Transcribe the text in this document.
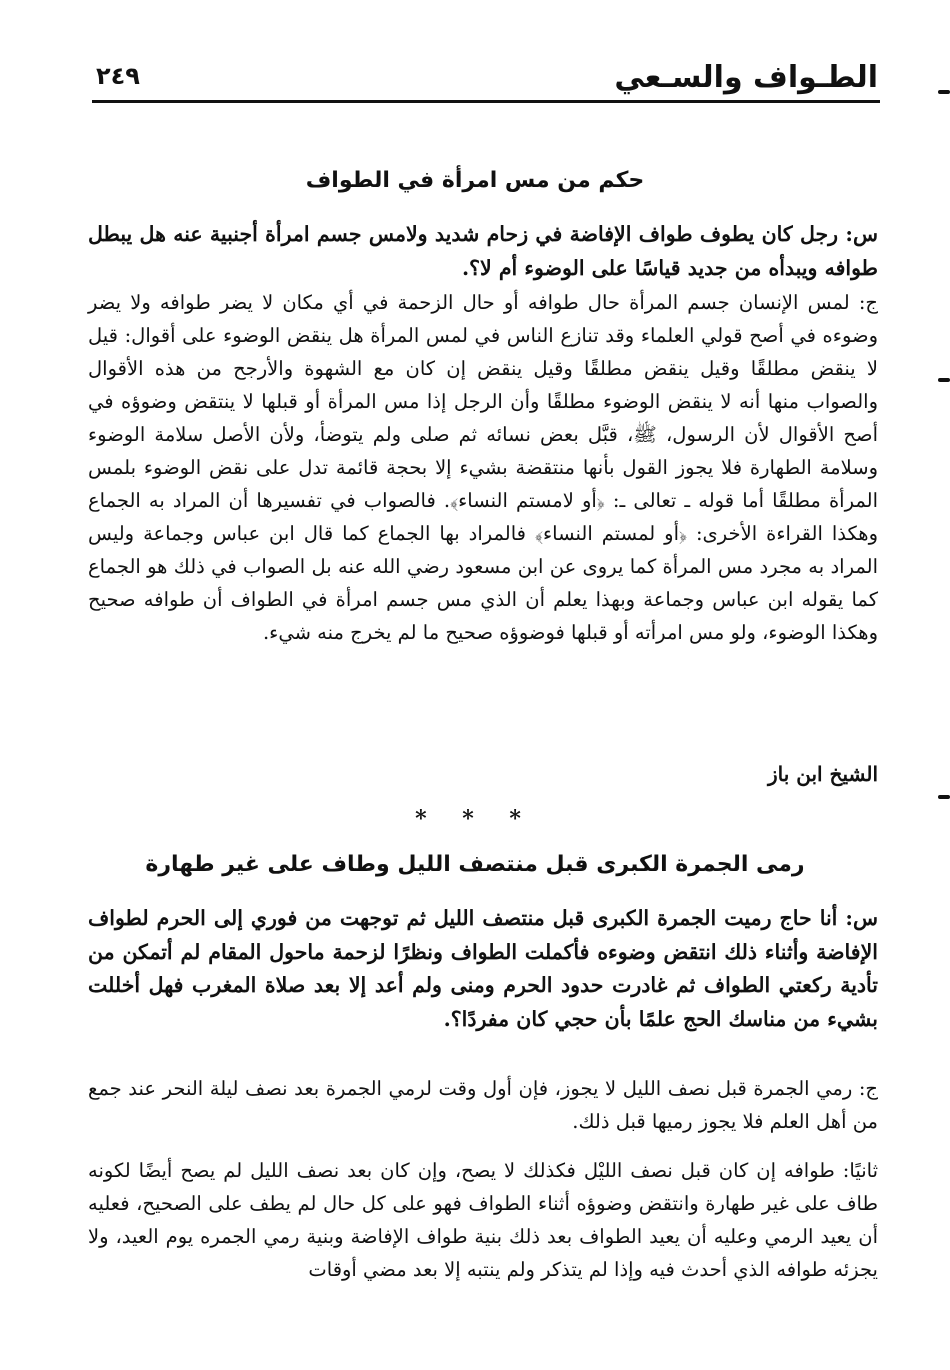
الطـواف والسـعي
٢٤٩
حكم من مس امرأة في الطواف
س: رجل كان يطوف طواف الإفاضة في زحام شديد ولامس جسم امرأة أجنبية عنه هل يبطل طوافه ويبدأه من جديد قياسًا على الوضوء أم لا؟.
ج: لمس الإنسان جسم المرأة حال طوافه أو حال الزحمة في أي مكان لا يضر طوافه ولا يضر وضوءه في أصح قولي العلماء وقد تنازع الناس في لمس المرأة هل ينقض الوضوء على أقوال: قيل لا ينقض مطلقًا وقيل ينقض مطلقًا وقيل ينقض إن كان مع الشهوة والأرجح من هذه الأقوال والصواب منها أنه لا ينقض الوضوء مطلقًا وأن الرجل إذا مس المرأة أو قبلها لا ينتقض وضوؤه في أصح الأقوال لأن الرسول، ﷺ، قبَّل بعض نسائه ثم صلى ولم يتوضأ، ولأن الأصل سلامة الوضوء وسلامة الطهارة فلا يجوز القول بأنها منتقضة بشيء إلا بحجة قائمة تدل على نقض الوضوء بلمس المرأة مطلقًا أما قوله ـ تعالى ـ: ﴿أو لامستم النساء﴾. فالصواب في تفسيرها أن المراد به الجماع وهكذا القراءة الأخرى: ﴿أو لمستم النساء﴾ فالمراد بها الجماع كما قال ابن عباس وجماعة وليس المراد به مجرد مس المرأة كما يروى عن ابن مسعود رضي الله عنه بل الصواب في ذلك هو الجماع كما يقوله ابن عباس وجماعة وبهذا يعلم أن الذي مس جسم امرأة في الطواف أن طوافه صحيح وهكذا الوضوء، ولو مس امرأته أو قبلها فوضوؤه صحيح ما لم يخرج منه شيء.
الشيخ ابن باز
* * *
رمى الجمرة الكبرى قبل منتصف الليل وطاف على غير طهارة
س: أنا حاج رميت الجمرة الكبرى قبل منتصف الليل ثم توجهت من فوري إلى الحرم لطواف الإفاضة وأثناء ذلك انتقض وضوءه فأكملت الطواف ونظرًا لزحمة ماحول المقام لم أتمكن من تأدية ركعتي الطواف ثم غادرت حدود الحرم ومنى ولم أعد إلا بعد صلاة المغرب فهل أخللت بشيء من مناسك الحج علمًا بأن حجي كان مفردًا؟.
ج: رمي الجمرة قبل نصف الليل لا يجوز، فإن أول وقت لرمي الجمرة بعد نصف ليلة النحر عند جمع من أهل العلم فلا يجوز رميها قبل ذلك.
ثانيًا: طوافه إن كان قبل نصف الليْل فكذلك لا يصح، وإن كان بعد نصف الليل لم يصح أيضًا لكونه طاف على غير طهارة وانتقض وضوؤه أثناء الطواف فهو على كل حال لم يطف على الصحيح، فعليه أن يعيد الرمي وعليه أن يعيد الطواف بعد ذلك بنية طواف الإفاضة وبنية رمي الجمره يوم العيد، ولا يجزئه طوافه الذي أحدث فيه وإذا لم يتذكر ولم ينتبه إلا بعد مضي أوقات
